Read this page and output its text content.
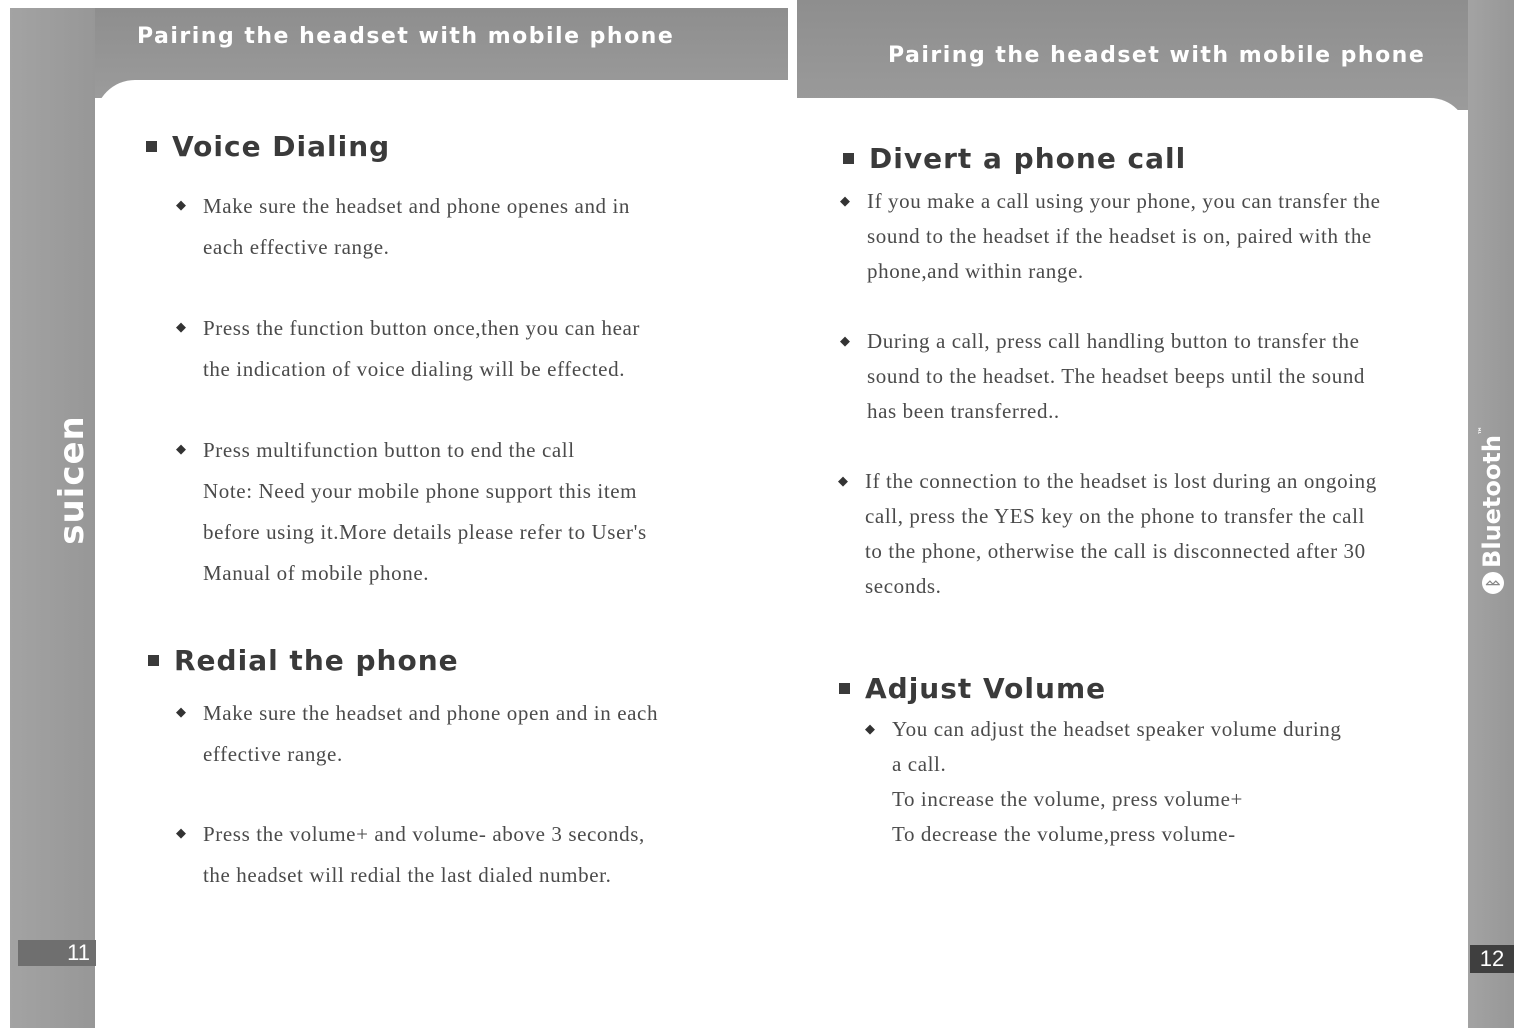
Pairing the headset with mobile phone
suicen
Voice Dialing
◆ Make sure the headset and phone openes and in

each effective range.

◆ Press the function button once,then you can hear

the indication of voice dialing will be effected.

◆ Press multifunction button to end the call

Note: Need your mobile phone support this item

before using it.More details please refer to User's

Manual of mobile phone.

Redial the phone
◆ Make sure the headset and phone open and in each

effective range.

◆ Press the volume+ and volume- above 3 seconds,

the headset will redial the last dialed number.

11
Pairing the headset with mobile phone
ᛒBluetooth™
Divert a phone call
◆ If you make a call using your phone, you can transfer the

sound to the headset if the headset is on, paired with the

phone,and within range.

◆ During a call, press call handling button to transfer the

sound to the headset. The headset beeps until the sound

has been transferred..

◆ If the connection to the headset is lost during an ongoing

call, press the YES key on the phone to transfer the call

to the phone, otherwise the call is disconnected after 30

seconds.

Adjust Volume
◆ You can adjust the headset speaker volume during

a call.

To increase the volume, press volume+

To decrease the volume,press volume-

12
